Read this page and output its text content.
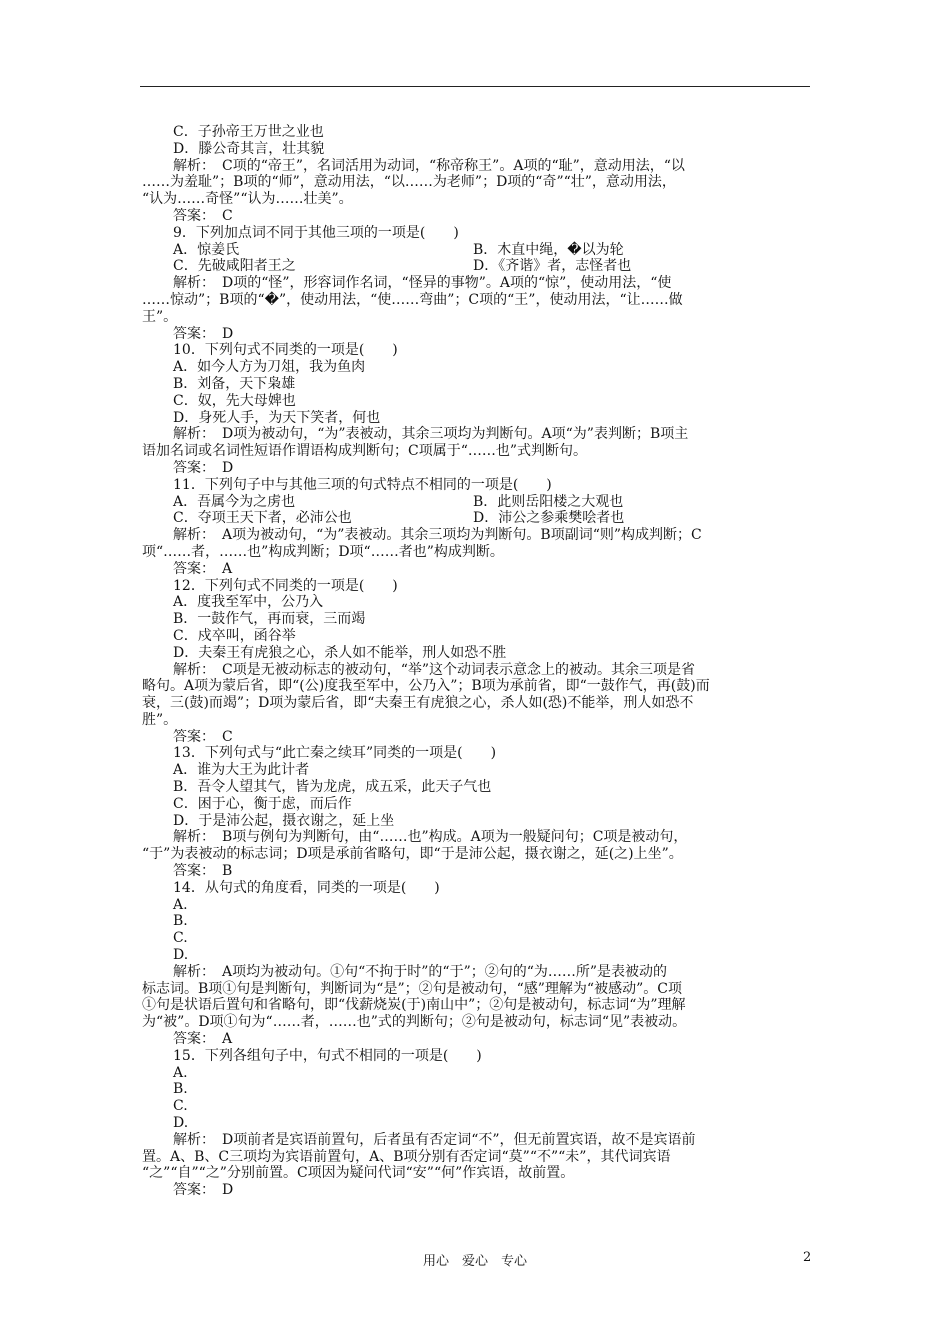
C．子孙帝王万世之业也
D．滕公奇其言，壮其貌
解析：　C项的“帝王”，名词活用为动词，“称帝称王”。A项的“耻”，意动用法，“以
……为羞耻”；B项的“师”，意动用法，“以……为老师”；D项的“奇”“壮”，意动用法，
“认为……奇怪”“认为……壮美”。
答案：　C
9．下列加点词不同于其他三项的一项是(　　)
A．惊姜氏	B．木直中绳，�以为轮
C．先破咸阳者王之	D．《齐谐》者，志怪者也
解析：　D项的“怪”，形容词作名词，“怪异的事物”。A项的“惊”，使动用法，“使
……惊动”；B项的“�”，使动用法，“使……弯曲”；C项的“王”，使动用法，“让……做
王”。
答案：　D
10．下列句式不同类的一项是(　　)
A．如今人方为刀俎，我为鱼肉
B．刘备，天下枭雄
C．奴，先大母婢也
D．身死人手，为天下笑者，何也
解析：　D项为被动句，“为”表被动，其余三项均为判断句。A项“为”表判断；B项主
语加名词或名词性短语作谓语构成判断句；C项属于“……也”式判断句。
答案：　D
11．下列句子中与其他三项的句式特点不相同的一项是(　　)
A．吾属今为之虏也	B．此则岳阳楼之大观也
C．夺项王天下者，必沛公也	D．沛公之参乘樊哙者也
解析：　A项为被动句，“为”表被动。其余三项均为判断句。B项副词“则”构成判断；C
项“……者，……也”构成判断；D项“……者也”构成判断。
答案：　A
12．下列句式不同类的一项是(　　)
A．度我至军中，公乃入
B．一鼓作气，再而衰，三而竭
C．戍卒叫，函谷举
D．夫秦王有虎狼之心，杀人如不能举，刑人如恐不胜
解析：　C项是无被动标志的被动句，“举”这个动词表示意念上的被动。其余三项是省
略句。A项为蒙后省，即“(公)度我至军中，公乃入”；B项为承前省，即“一鼓作气，再(鼓)而
衰，三(鼓)而竭”；D项为蒙后省，即“夫秦王有虎狼之心，杀人如(恐)不能举，刑人如恐不
胜”。
答案：　C
13．下列句式与“此亡秦之续耳”同类的一项是(　　)
A．谁为大王为此计者
B．吾令人望其气，皆为龙虎，成五采，此天子气也
C．困于心，衡于虑，而后作
D．于是沛公起，摄衣谢之，延上坐
解析：　B项与例句为判断句，由“……也”构成。A项为一般疑问句；C项是被动句，
“于”为表被动的标志词；D项是承前省略句，即“于是沛公起，摄衣谢之，延(之)上坐”。
答案：　B
14．从句式的角度看，同类的一项是(　　)
A.
B.
C.
D.
解析：　A项均为被动句。①句“不拘于时”的“于”；②句的“为……所”是表被动的
标志词。B项①句是判断句，判断词为“是”；②句是被动句，“感”理解为“被感动”。C项
①句是状语后置句和省略句，即“伐薪烧炭(于)南山中”；②句是被动句，标志词“为”理解
为“被”。D项①句为“……者，……也”式的判断句；②句是被动句，标志词“见”表被动。
答案：　A
15．下列各组句子中，句式不相同的一项是(　　)
A.
B.
C.
D.
解析：　D项前者是宾语前置句，后者虽有否定词“不”，但无前置宾语，故不是宾语前
置。A、B、C三项均为宾语前置句，A、B项分别有否定词“莫”“不”“未”，其代词宾语
“之”“自”“之”分别前置。C项因为疑问代词“安”“何”作宾语，故前置。
答案：　D
用心　爱心　专心	2
